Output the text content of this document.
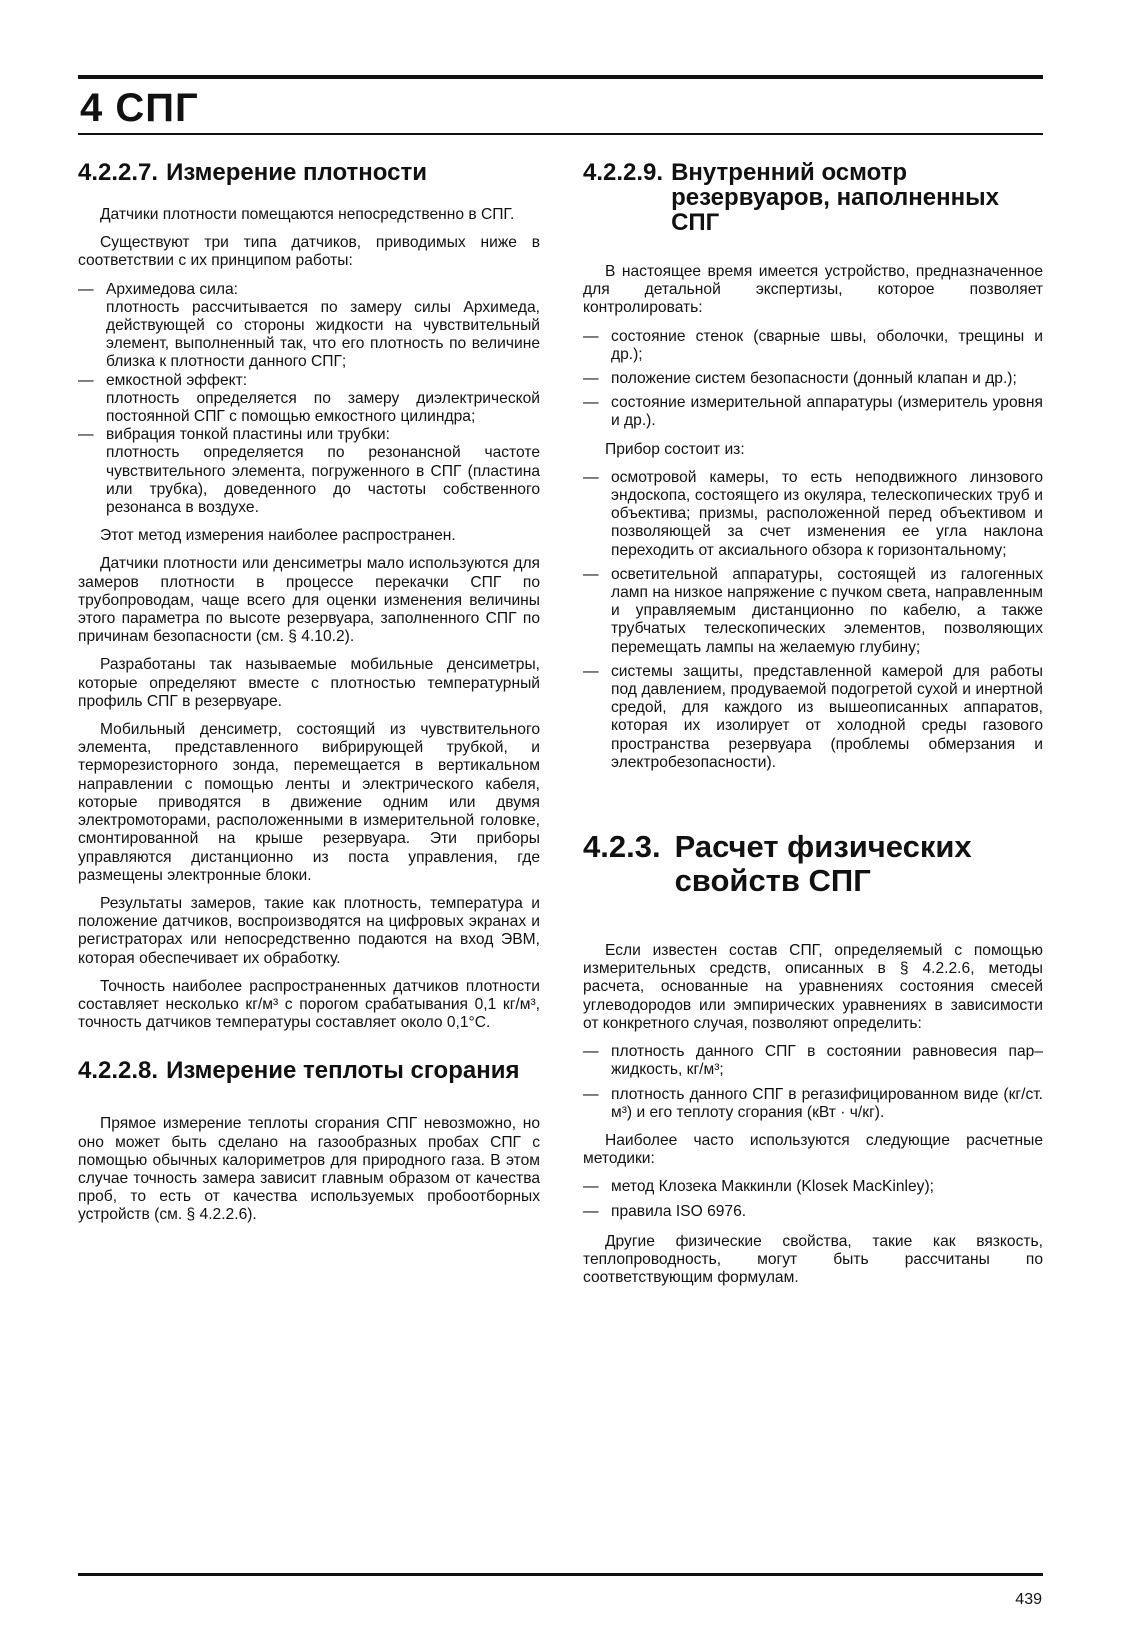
4 СПГ
4.2.2.7. Измерение плотности

Датчики плотности помещаются непосредственно в СПГ.

Существуют три типа датчиков, приводимых ниже в соответствии с их принципом работы:

— Архимедова сила:
плотность рассчитывается по замеру силы Архимеда, действующей со стороны жидкости на чувствительный элемент, выполненный так, что его плотность по величине близка к плотности данного СПГ;
— емкостной эффект:
плотность определяется по замеру диэлектрической постоянной СПГ с помощью емкостного цилиндра;
— вибрация тонкой пластины или трубки:
плотность определяется по резонансной частоте чувствительного элемента, погруженного в СПГ (пластина или трубка), доведенного до частоты собственного резонанса в воздухе.

Этот метод измерения наиболее распространен.

Датчики плотности или денсиметры мало используются для замеров плотности в процессе перекачки СПГ по трубопроводам, чаще всего для оценки изменения величины этого параметра по высоте резервуара, заполненного СПГ по причинам безопасности (см. § 4.10.2).

Разработаны так называемые мобильные денсиметры, которые определяют вместе с плотностью температурный профиль СПГ в резервуаре.

Мобильный денсиметр, состоящий из чувствительного элемента, представленного вибрирующей трубкой, и терморезисторного зонда, перемещается в вертикальном направлении с помощью ленты и электрического кабеля, которые приводятся в движение одним или двумя электромоторами, расположенными в измерительной головке, смонтированной на крыше резервуара. Эти приборы управляются дистанционно из поста управления, где размещены электронные блоки.

Результаты замеров, такие как плотность, температура и положение датчиков, воспроизводятся на цифровых экранах и регистраторах или непосредственно подаются на вход ЭВМ, которая обеспечивает их обработку.

Точность наиболее распространенных датчиков плотности составляет несколько кг/м³ с порогом срабатывания 0,1 кг/м³, точность датчиков температуры составляет около 0,1°С.

4.2.2.8. Измерение теплоты сгорания

Прямое измерение теплоты сгорания СПГ невозможно, но оно может быть сделано на газообразных пробах СПГ с помощью обычных калориметров для природного газа. В этом случае точность замера зависит главным образом от качества проб, то есть от качества используемых пробоотборных устройств (см. § 4.2.2.6).

4.2.2.9. Внутренний осмотр резервуаров, наполненных СПГ

В настоящее время имеется устройство, предназначенное для детальной экспертизы, которое позволяет контролировать:

— состояние стенок (сварные швы, оболочки, трещины и др.);
— положение систем безопасности (донный клапан и др.);
— состояние измерительной аппаратуры (измеритель уровня и др.).

Прибор состоит из:

— осмотровой камеры, то есть неподвижного линзового эндоскопа, состоящего из окуляра, телескопических труб и объектива; призмы, расположенной перед объективом и позволяющей за счет изменения ее угла наклона переходить от аксиального обзора к горизонтальному;
— осветительной аппаратуры, состоящей из галогенных ламп на низкое напряжение с пучком света, направленным и управляемым дистанционно по кабелю, а также трубчатых телескопических элементов, позволяющих перемещать лампы на желаемую глубину;
— системы защиты, представленной камерой для работы под давлением, продуваемой подогретой сухой и инертной средой, для каждого из вышеописанных аппаратов, которая их изолирует от холодной среды газового пространства резервуара (проблемы обмерзания и электробезопасности).
4.2.3. Расчет физических свойств СПГ

Если известен состав СПГ, определяемый с помощью измерительных средств, описанных в § 4.2.2.6, методы расчета, основанные на уравнениях состояния смесей углеводородов или эмпирических уравнениях в зависимости от конкретного случая, позволяют определить:

— плотность данного СПГ в состоянии равновесия пар–жидкость, кг/м³;
— плотность данного СПГ в регазифицированном виде (кг/ст. м³) и его теплоту сгорания (кВт · ч/кг).

Наиболее часто используются следующие расчетные методики:

— метод Клозека Маккинли (Klosek MacKinley);
— правила ISO 6976.

Другие физические свойства, такие как вязкость, теплопроводность, могут быть рассчитаны по соответствующим формулам.

439
